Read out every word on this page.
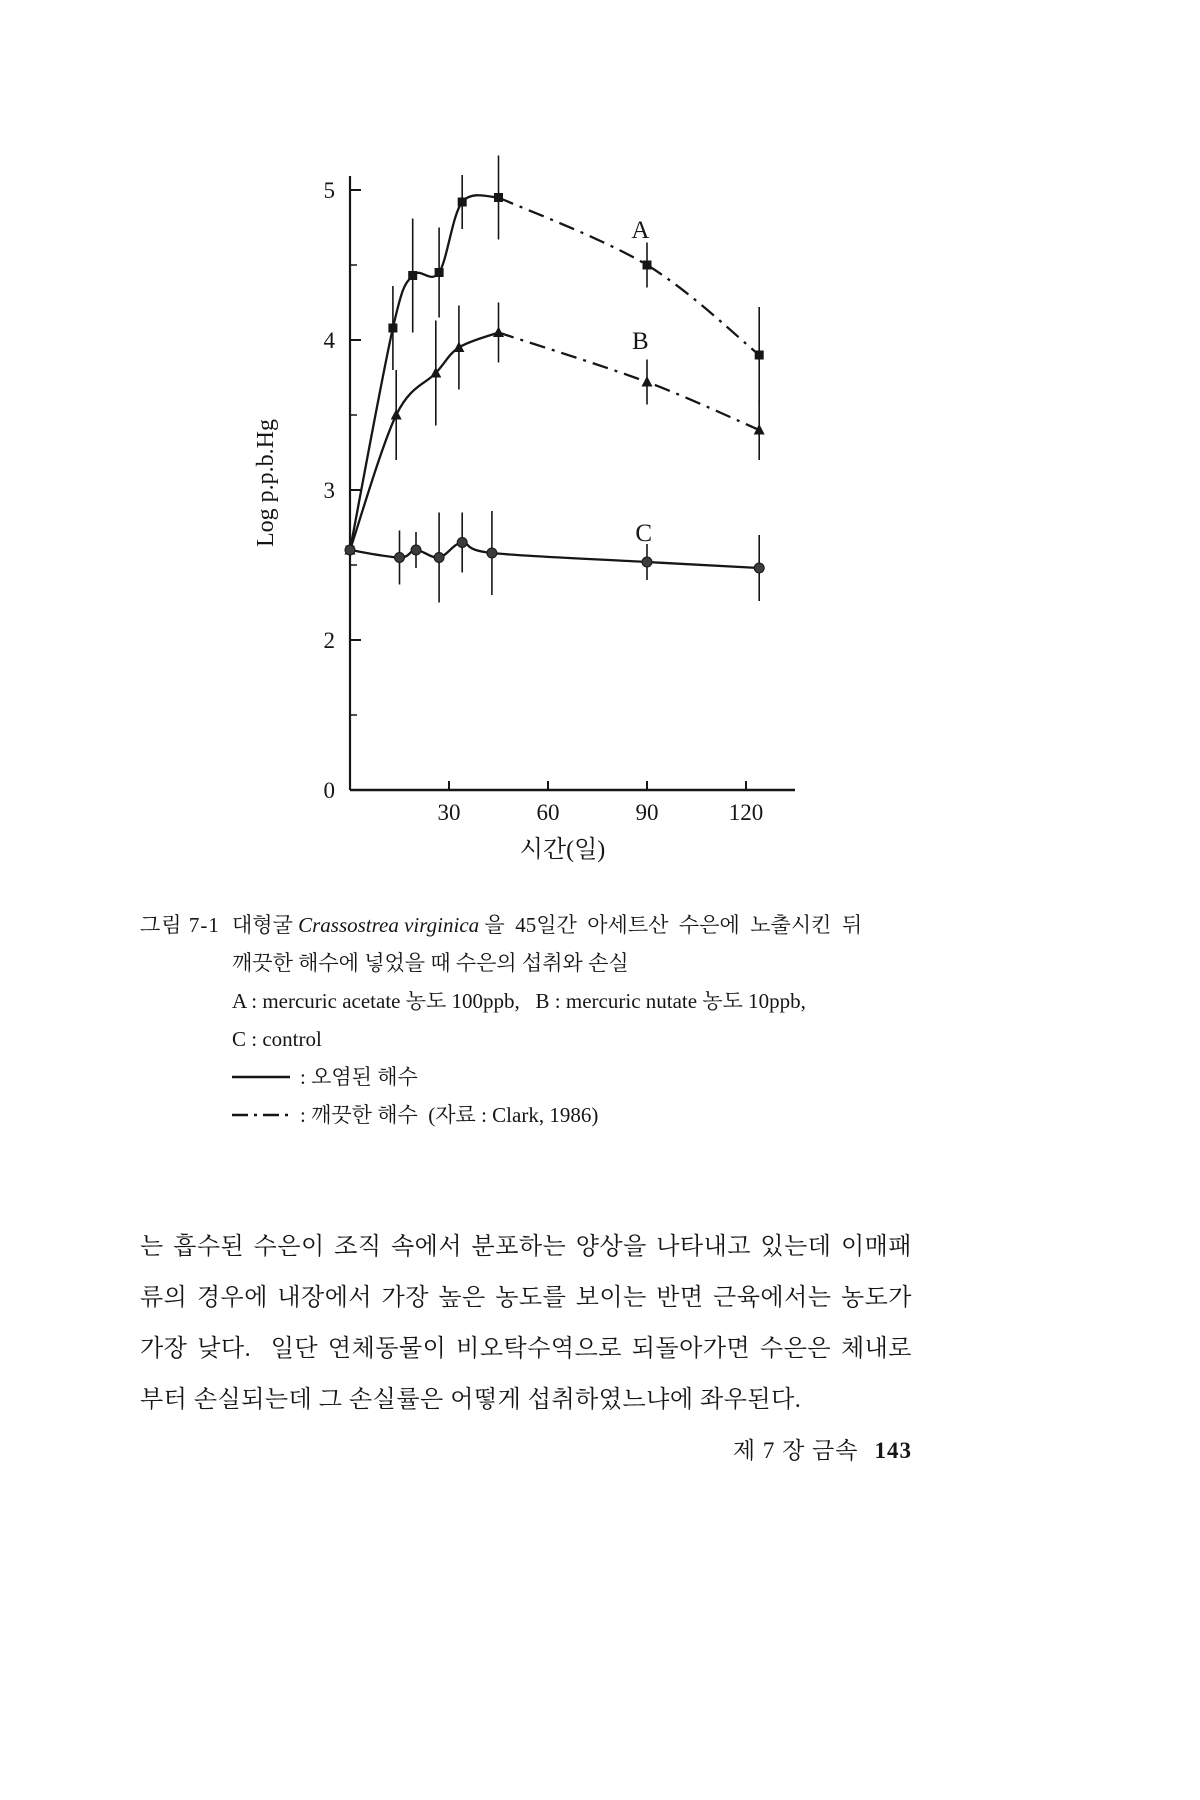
5
4
3
2
0
30	60	90	120
시간(일)
Log p.p.b.Hg
A
B
C
그림 7-1 대형굴 Crassostrea virginica 을  45일간  아세트산  수은에  노출시킨  뒤
깨끗한 해수에 넣었을 때 수은의 섭취와 손실
A : mercuric acetate 농도 100ppb,   B : mercuric nutate 농도 10ppb,
C : control
: 오염된 해수
: 깨끗한 해수  (자료 : Clark, 1986)
는 흡수된 수은이 조직 속에서 분포하는 양상을 나타내고 있는데 이매패
류의 경우에 내장에서 가장 높은 농도를 보이는 반면 근육에서는 농도가
가장 낮다.  일단 연체동물이 비오탁수역으로 되돌아가면 수은은 체내로
부터 손실되는데 그 손실률은 어떻게 섭취하였느냐에 좌우된다.
제 7 장 금속 143
